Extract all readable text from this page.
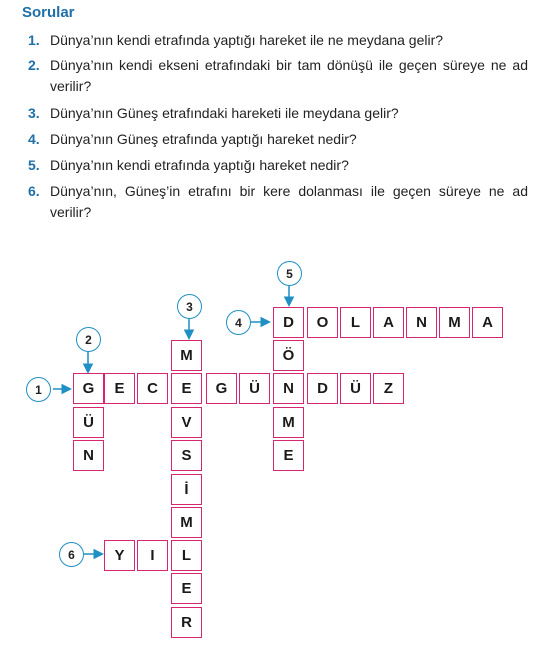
Sorular
1. Dünya’nın kendi etrafında yaptığı hareket ile ne meydana gelir?
2. Dünya’nın kendi ekseni etrafındaki bir tam dönüşü ile geçen süreye ne ad verilir?
3. Dünya’nın Güneş etrafındaki hareketi ile meydana gelir?
4. Dünya’nın Güneş etrafında yaptığı hareket nedir?
5. Dünya’nın kendi etrafında yaptığı hareket nedir?
6. Dünya’nın, Güneş’in etrafını bir kere dolanması ile geçen süreye ne ad verilir?
1
2
3
4
5
6
G	E	C	E	G	Ü	N	D	Ü	Z
Ü
N
M
V
S
İ
M
L
E
R
D	O	L	A	N	M	A
Ö
M
E
Y	I
